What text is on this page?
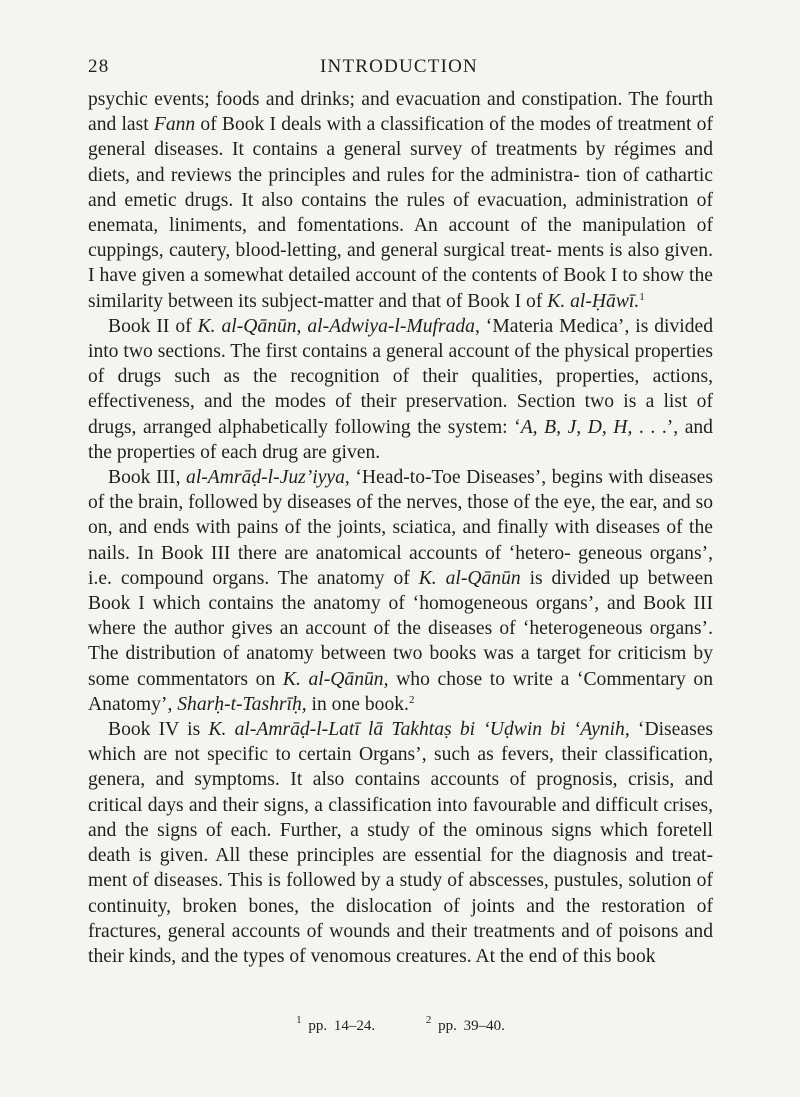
28	INTRODUCTION

psychic events; foods and drinks; and evacuation and constipation. The fourth and last Fann of Book I deals with a classification of the modes of treatment of general diseases. It contains a general survey of treatments by régimes and diets, and reviews the principles and rules for the administra- tion of cathartic and emetic drugs. It also contains the rules of evacuation, administration of enemata, liniments, and fomentations. An account of the manipulation of cuppings, cautery, blood-letting, and general surgical treat- ments is also given. I have given a somewhat detailed account of the contents of Book I to show the similarity between its subject-matter and that of Book I of K. al-Ḥāwī.$^1$

Book II of K. al-Qānūn, al-Adwiya-l-Mufrada, ‘Materia Medica’, is divided into two sections. The first contains a general account of the physical properties of drugs such as the recognition of their qualities, properties, actions, effectiveness, and the modes of their preservation. Section two is a list of drugs, arranged alphabetically following the system: ‘A, B, J, D, H, . . .’, and the properties of each drug are given.

Book III, al-Amrāḍ-l-Juz’iyya, ‘Head-to-Toe Diseases’, begins with diseases of the brain, followed by diseases of the nerves, those of the eye, the ear, and so on, and ends with pains of the joints, sciatica, and finally with diseases of the nails. In Book III there are anatomical accounts of ‘hetero- geneous organs’, i.e. compound organs. The anatomy of K. al-Qānūn is divided up between Book I which contains the anatomy of ‘homogeneous organs’, and Book III where the author gives an account of the diseases of ‘heterogeneous organs’. The distribution of anatomy between two books was a target for criticism by some commentators on K. al-Qānūn, who chose to write a ‘Commentary on Anatomy’, Sharḥ-t-Tashrīḥ, in one book.$^2$

Book IV is K. al-Amrāḍ-l-Latī lā Takhtaṣ bi ‘Uḍwin bi ‘Aynih, ‘Diseases which are not specific to certain Organs’, such as fevers, their classification, genera, and symptoms. It also contains accounts of prognosis, crisis, and critical days and their signs, a classification into favourable and difficult crises, and the signs of each. Further, a study of the ominous signs which foretell death is given. All these principles are essential for the diagnosis and treat- ment of diseases. This is followed by a study of abscesses, pustules, solution of continuity, broken bones, the dislocation of joints and the restoration of fractures, general accounts of wounds and their treatments and of poisons and their kinds, and the types of venomous creatures. At the end of this book

$^1$ pp. 14–24.	$^2$ pp. 39–40.
